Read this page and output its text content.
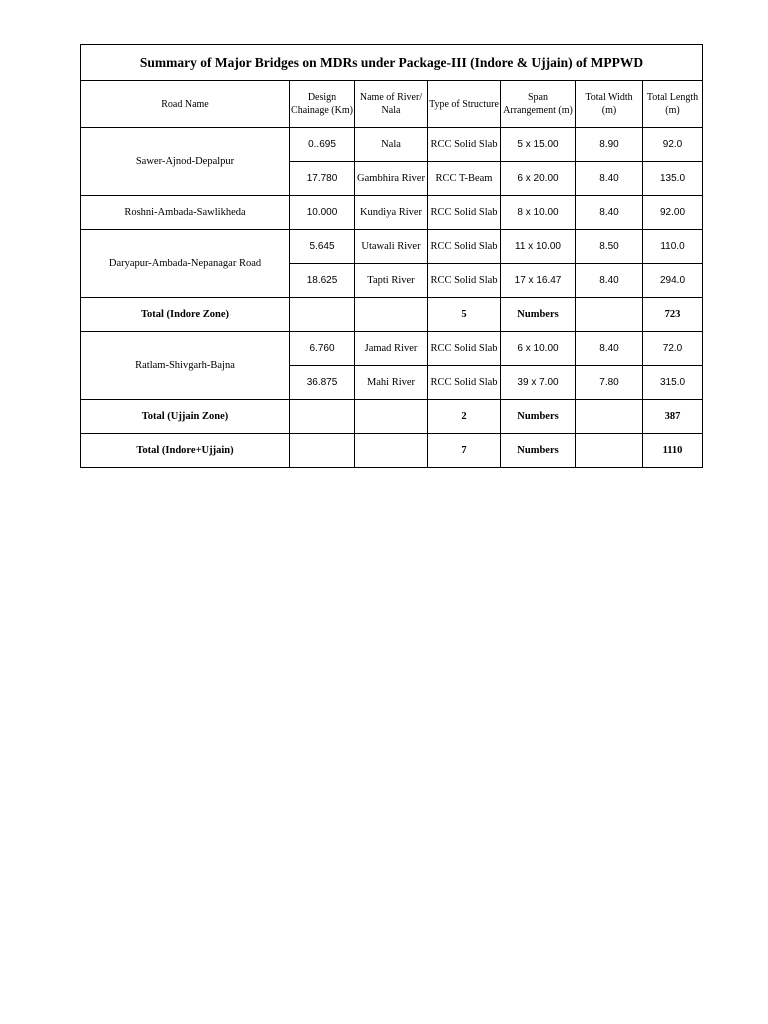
Summary of Major Bridges on MDRs under Package-III (Indore & Ujjain) of MPPWD						
Road Name	Design Chainage (Km)	Name of River/ Nala	Type of Structure	Span Arrangement (m)	Total Width (m)	Total Length (m)
Sawer-Ajnod-Depalpur	0..695	Nala	RCC Solid Slab	5 x 15.00	8.90	92.0
	17.780	Gambhira River	RCC T-Beam	6 x 20.00	8.40	135.0
Roshni-Ambada-Sawlikheda	10.000	Kundiya River	RCC Solid Slab	8 x 10.00	8.40	92.00
Daryapur-Ambada-Nepanagar Road	5.645	Utawali River	RCC Solid Slab	11 x 10.00	8.50	110.0
	18.625	Tapti River	RCC Solid Slab	17 x 16.47	8.40	294.0
Total (Indore Zone)			5	Numbers		723
Ratlam-Shivgarh-Bajna	6.760	Jamad River	RCC Solid Slab	6 x 10.00	8.40	72.0
	36.875	Mahi River	RCC Solid Slab	39 x 7.00	7.80	315.0
Total (Ujjain Zone)			2	Numbers		387
Total (Indore+Ujjain)			7	Numbers		1110
